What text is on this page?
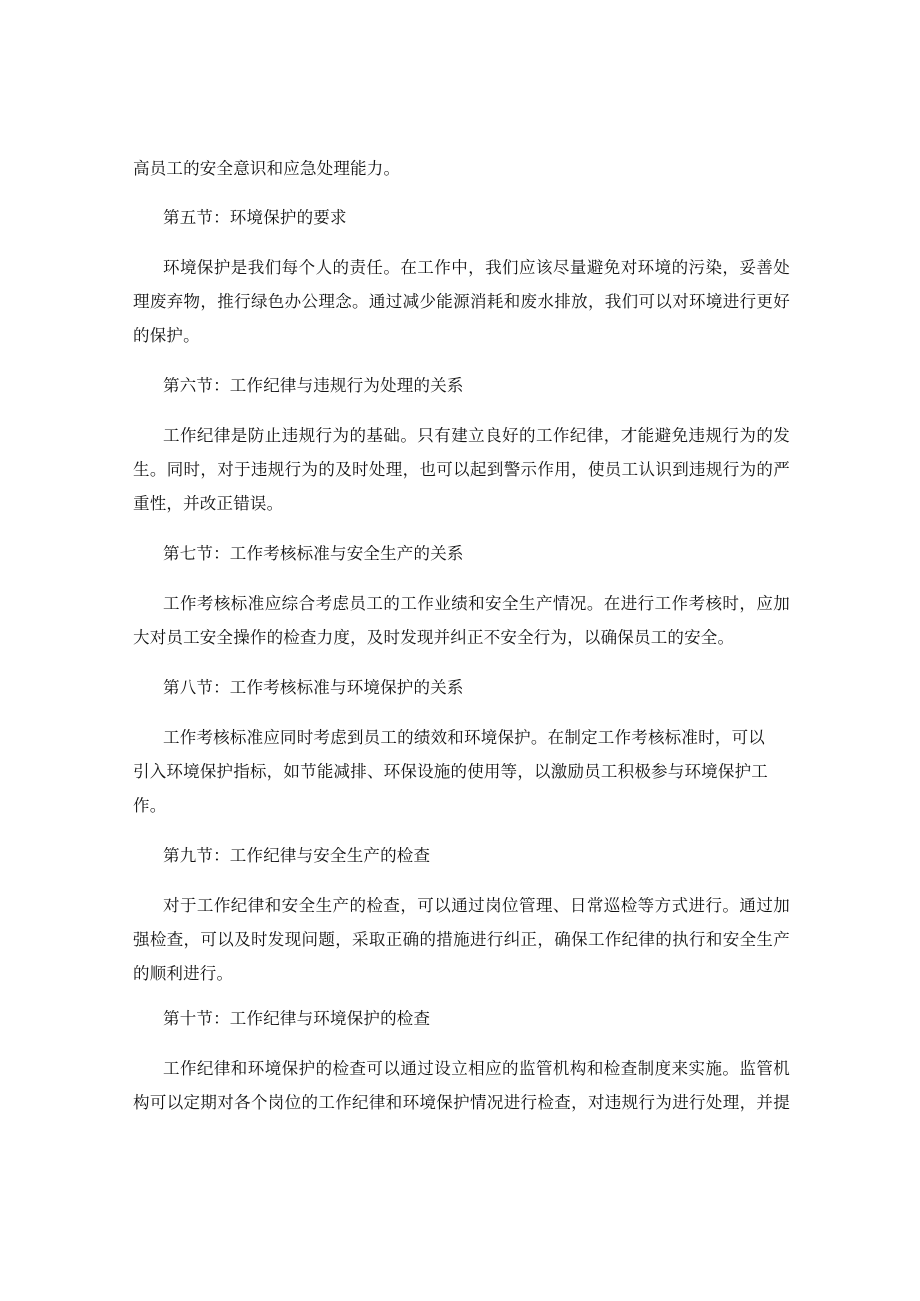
高员工的安全意识和应急处理能力。
第五节：环境保护的要求
环境保护是我们每个人的责任。在工作中，我们应该尽量避免对环境的污染，妥善处
理废弃物，推行绿色办公理念。通过减少能源消耗和废水排放，我们可以对环境进行更好
的保护。
第六节：工作纪律与违规行为处理的关系
工作纪律是防止违规行为的基础。只有建立良好的工作纪律，才能避免违规行为的发
生。同时，对于违规行为的及时处理，也可以起到警示作用，使员工认识到违规行为的严
重性，并改正错误。
第七节：工作考核标准与安全生产的关系
工作考核标准应综合考虑员工的工作业绩和安全生产情况。在进行工作考核时，应加
大对员工安全操作的检查力度，及时发现并纠正不安全行为，以确保员工的安全。
第八节：工作考核标准与环境保护的关系
工作考核标准应同时考虑到员工的绩效和环境保护。在制定工作考核标准时，可以
引入环境保护指标，如节能减排、环保设施的使用等，以激励员工积极参与环境保护工
作。
第九节：工作纪律与安全生产的检查
对于工作纪律和安全生产的检查，可以通过岗位管理、日常巡检等方式进行。通过加
强检查，可以及时发现问题，采取正确的措施进行纠正，确保工作纪律的执行和安全生产
的顺利进行。
第十节：工作纪律与环境保护的检查
工作纪律和环境保护的检查可以通过设立相应的监管机构和检查制度来实施。监管机
构可以定期对各个岗位的工作纪律和环境保护情况进行检查，对违规行为进行处理，并提
